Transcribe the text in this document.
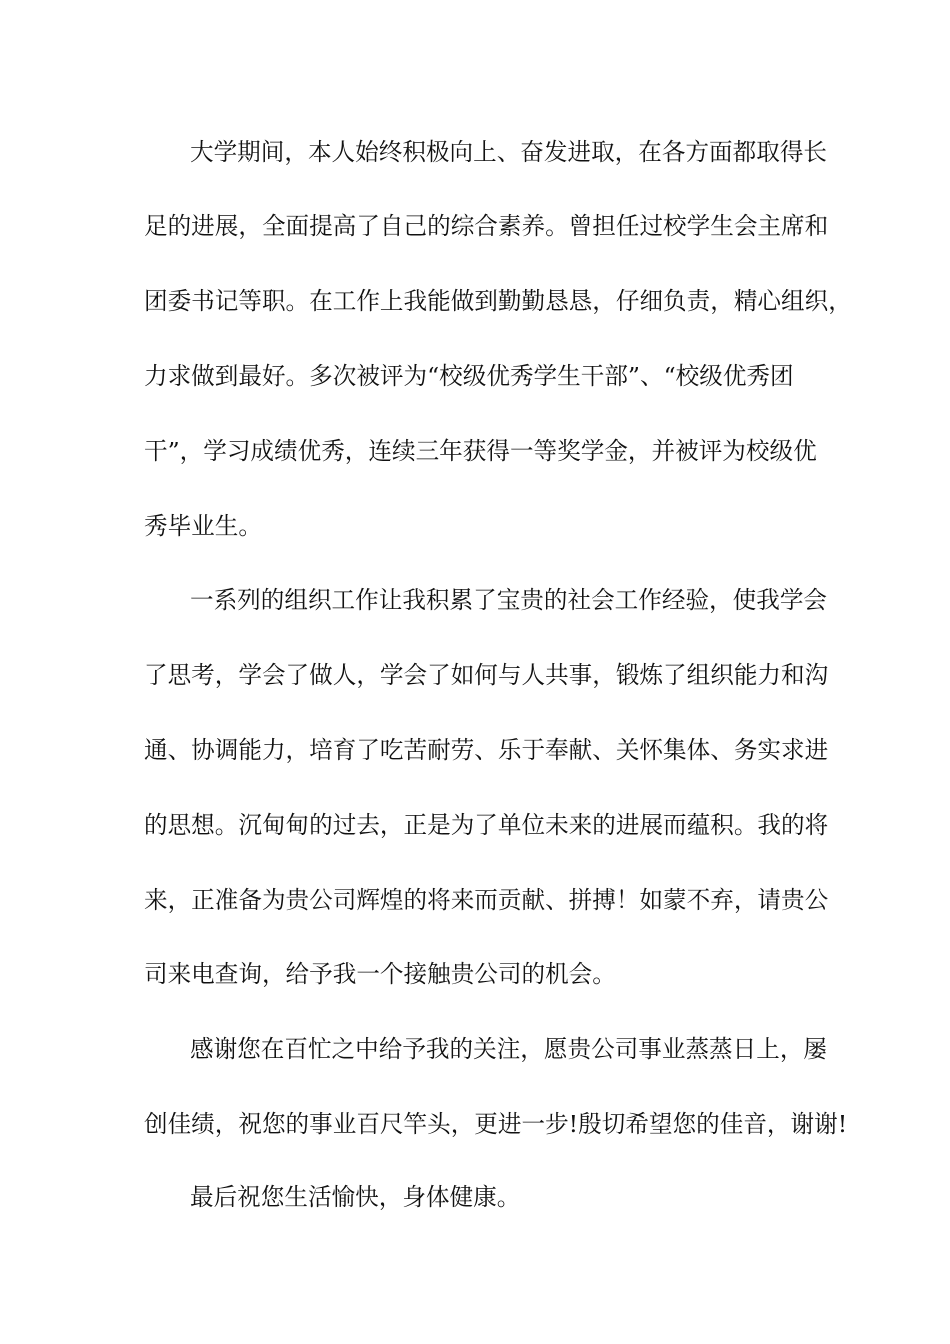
大学期间，本人始终积极向上、奋发进取，在各方面都取得长
足的进展，全面提高了自己的综合素养。曾担任过校学生会主席和
团委书记等职。在工作上我能做到勤勤恳恳，仔细负责，精心组织，
力求做到最好。多次被评为“校级优秀学生干部”、“校级优秀团
干”，学习成绩优秀，连续三年获得一等奖学金，并被评为校级优
秀毕业生。
一系列的组织工作让我积累了宝贵的社会工作经验，使我学会
了思考，学会了做人，学会了如何与人共事，锻炼了组织能力和沟
通、协调能力，培育了吃苦耐劳、乐于奉献、关怀集体、务实求进
的思想。沉甸甸的过去，正是为了单位未来的进展而蕴积。我的将
来，正准备为贵公司辉煌的将来而贡献、拼搏！如蒙不弃，请贵公
司来电查询，给予我一个接触贵公司的机会。
感谢您在百忙之中给予我的关注，愿贵公司事业蒸蒸日上，屡
创佳绩，祝您的事业百尺竿头，更进一步!殷切希望您的佳音，谢谢!
最后祝您生活愉快，身体健康。
